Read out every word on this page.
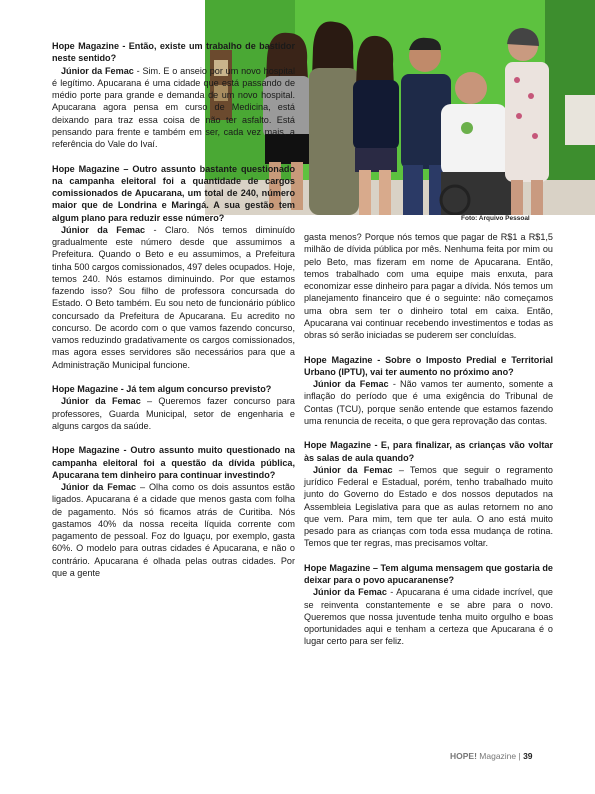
Foto: Arquivo Pessoal

Hope Magazine - Então, existe um trabalho de bastidor neste sentido?

Júnior da Femac - Sim. E o anseio por um novo hospital é legítimo. Apucarana é uma cidade que está passando de médio porte para grande e demanda de um novo hospital. Apucarana agora pensa em curso de Medicina, está deixando para traz essa coisa de não ter asfalto. Está pensando para frente e também em ser, cada vez mais, a referência do Vale do Ivaí.

Hope Magazine – Outro assunto bastante questionado na campanha eleitoral foi a quantidade de cargos comissionados de Apucarana, um total de 240, número maior que de Londrina e Maringá. A sua gestão tem algum plano para reduzir esse número?

Júnior da Femac - Claro. Nós temos diminuído gradualmente este número desde que assumimos a Prefeitura. Quando o Beto e eu assumimos, a Prefeitura tinha 500 cargos comissionados, 497 deles ocupados. Hoje, temos 240. Nós estamos diminuindo. Por que estamos fazendo isso? Sou filho de professora concursada do Estado. O Beto também. Eu sou neto de funcionário público concursado da Prefeitura de Apucarana. Eu acredito no concurso. De acordo com o que vamos fazendo concurso, vamos reduzindo gradativamente os cargos comissionados, mas agora esses servidores são necessários para que a Administração Municipal funcione.

Hope Magazine - Já tem algum concurso previsto?

Júnior da Femac – Queremos fazer concurso para professores, Guarda Municipal, setor de engenharia e alguns cargos da saúde.

Hope Magazine - Outro assunto muito questionado na campanha eleitoral foi a questão da dívida pública, Apucarana tem dinheiro para continuar investindo?

Júnior da Femac – Olha como os dois assuntos estão ligados. Apucarana é a cidade que menos gasta com folha de pagamento. Nós só ficamos atrás de Curitiba. Nós gastamos 40% da nossa receita líquida corrente com pagamento de pessoal. Foz do Iguaçu, por exemplo, gasta 60%. O modelo para outras cidades é Apucarana, e não o contrário. Apucarana é olhada pelas outras cidades. Por que a gente

gasta menos? Porque nós temos que pagar de R$1 a R$1,5 milhão de dívida pública por mês. Nenhuma feita por mim ou pelo Beto, mas fizeram em nome de Apucarana. Então, temos trabalhado com uma equipe mais enxuta, para economizar esse dinheiro para pagar a dívida. Nós temos um planejamento financeiro que é o seguinte: não começamos uma obra sem ter o dinheiro total em caixa. Então, Apucarana vai continuar recebendo investimentos e todas as obras só serão iniciadas se puderem ser concluídas.

Hope Magazine - Sobre o Imposto Predial e Territorial Urbano (IPTU), vai ter aumento no próximo ano?

Júnior da Femac - Não vamos ter aumento, somente a inflação do período que é uma exigência do Tribunal de Contas (TCU), porque senão entende que estamos fazendo uma renuncia de receita, o que gera reprovação das contas.

Hope Magazine - E, para finalizar, as crianças vão voltar às salas de aula quando?

Júnior da Femac – Temos que seguir o regramento jurídico Federal e Estadual, porém, tenho trabalhado muito junto do Governo do Estado e dos nossos deputados na Assembleia Legislativa para que as aulas retornem no ano que vem. Para mim, tem que ter aula. O ano está muito pesado para as crianças com toda essa mudança de rotina. Temos que ter regras, mas precisamos voltar.

Hope Magazine – Tem alguma mensagem que gostaria de deixar para o povo apucaranense?

Júnior da Femac - Apucarana é uma cidade incrível, que se reinventa constantemente e se abre para o novo. Queremos que nossa juventude tenha muito orgulho e boas oportunidades aqui e tenham a certeza que Apucarana é o lugar certo para ser feliz.

HOPE! Magazine | 39
